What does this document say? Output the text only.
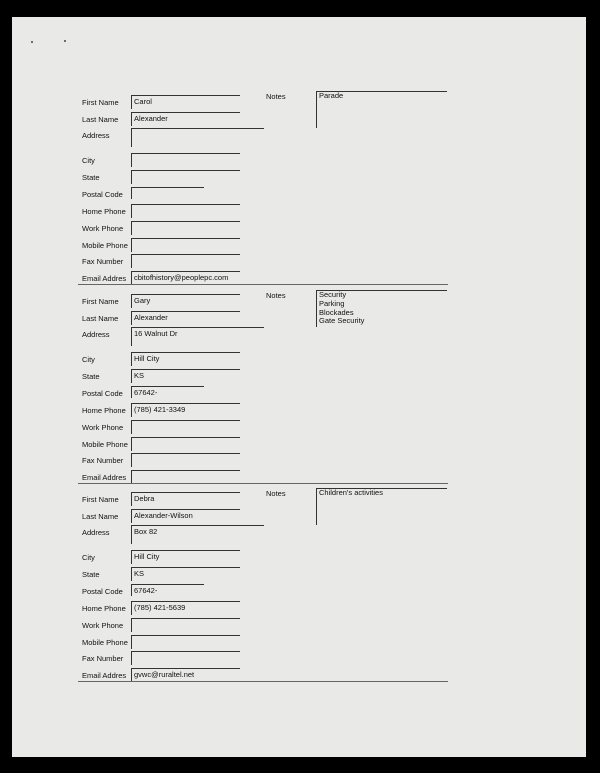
First Name Carol
Last Name Alexander
Address
City
State
Postal Code
Home Phone
Work Phone
Mobile Phone
Fax Number
Email Addres cbitofhistory@peoplepc.com
Notes	Parade
First Name Gary
Last Name Alexander
Address	16 Walnut Dr
City	Hill City
State	KS
Postal Code 67642-
Home Phone (785) 421-3349
Work Phone
Mobile Phone
Fax Number
Email Addres
Notes	Security
Parking
Blockades
Gate Security
First Name Debra
Last Name Alexander-Wilson
Address	Box 82
City	Hill City
State	KS
Postal Code 67642-
Home Phone (785) 421-5639
Work Phone
Mobile Phone
Fax Number
Email Addres gvwc@ruraltel.net
Notes	Children's activities
